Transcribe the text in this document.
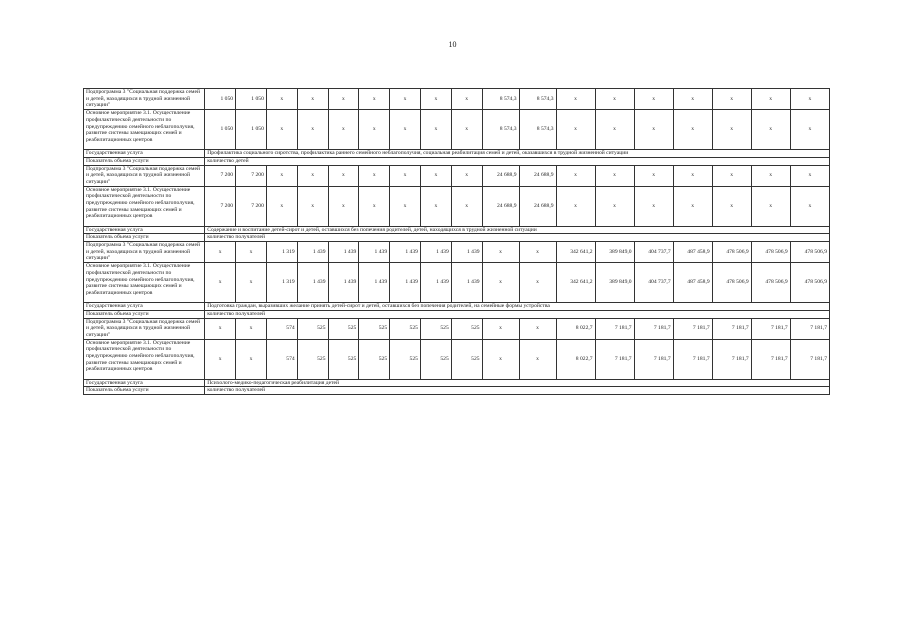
10
Подпрограмма 3 "Социальная поддержка семей и детей, находящихся в трудной жизненной ситуации"	1 050	1 050	x	x	x	x	x	x	x	8 574,3	8 574,3	x	x	x	x	x	x	x
Основное мероприятие 3.1. Осуществление профилактической деятельности по предупреждению семейного неблагополучия, развитие системы замещающих семей и реабилитационных центров	1 050	1 050	x	x	x	x	x	x	x	8 574,3	8 574,3	x	x	x	x	x	x	x
Государственная услуга	Профилактика социального сиротства, профилактика раннего семейного неблагополучия, социальная реабилитация семей и детей, оказавшихся в трудной жизненной ситуации																	
Показатель объема услуги	количество детей																	
Подпрограмма 3 "Социальная поддержка семей и детей, находящихся в трудной жизненной ситуации"	7 200	7 200	x	x	x	x	x	x	x	24 688,9	24 688,9	x	x	x	x	x	x	x
Основное мероприятие 3.1. Осуществление профилактической деятельности по предупреждению семейного неблагополучия, развитие системы замещающих семей и реабилитационных центров	7 200	7 200	x	x	x	x	x	x	x	24 688,9	24 688,9	x	x	x	x	x	x	x
Государственная услуга	Содержание и воспитание детей-сирот и детей, оставшихся без попечения родителей, детей, находящихся в трудной жизненной ситуации																	
Показатель объема услуги	количество получателей																	
Подпрограмма 3 "Социальная поддержка семей и детей, находящихся в трудной жизненной ситуации"	x	x	1 319	1 439	1 439	1 439	1 439	1 439	1 439	x	x	342 641,2	389 849,0	404 737,7	487 458,9	478 506,9	478 506,9	478 506,9
Основное мероприятие 3.1. Осуществление профилактической деятельности по предупреждению семейного неблагополучия, развитие системы замещающих семей и реабилитационных центров	x	x	1 319	1 439	1 439	1 439	1 439	1 439	1 439	x	x	342 641,2	389 849,0	404 737,7	487 458,9	478 506,9	478 506,9	478 506,9
Государственная услуга	Подготовка граждан, выразивших желание принять детей-сирот и детей, оставшихся без попечения родителей, на семейные формы устройства																	
Показатель объема услуги	количество получателей																	
Подпрограмма 3 "Социальная поддержка семей и детей, находящихся в трудной жизненной ситуации"	x	x	574	525	525	525	525	525	525	x	x	8 022,7	7 181,7	7 181,7	7 181,7	7 181,7	7 181,7	7 181,7
Основное мероприятие 3.1. Осуществление профилактической деятельности по предупреждению семейного неблагополучия, развитие системы замещающих семей и реабилитационных центров	x	x	574	525	525	525	525	525	525	x	x	8 022,7	7 181,7	7 181,7	7 181,7	7 181,7	7 181,7	7 181,7
Государственная услуга	Психолого-медико-педагогическая реабилитация детей																	
Показатель объема услуги	количество получателей																	
